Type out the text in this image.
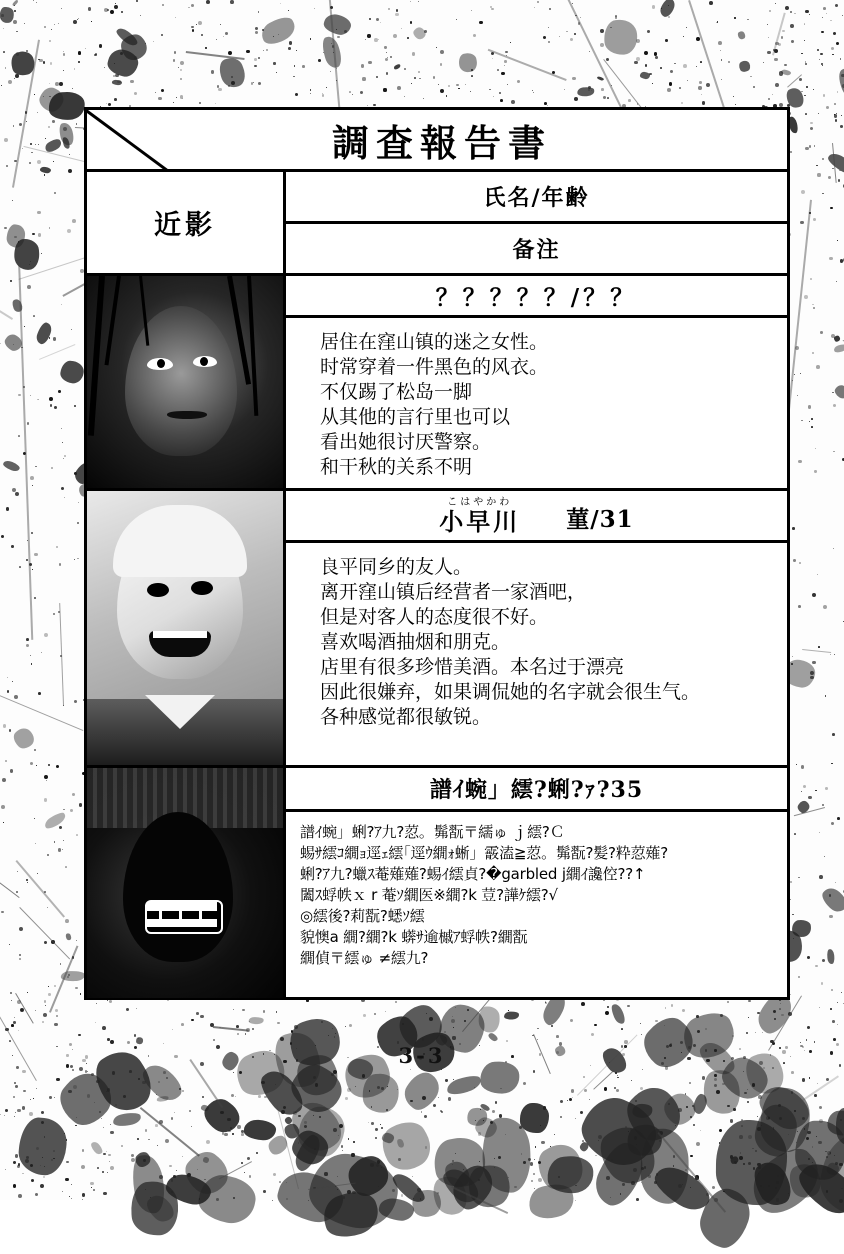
調査報告書
近影
氏名/年齢
备注
？？？？？/？？
居住在窪山镇的迷之女性。
时常穿着一件黑色的风衣。
不仅踢了松岛一脚
从其他的言行里也可以
看出她很讨厌警察。
和干秋的关系不明
こはやかわ
小早川 菫/31
良平同乡的友人。
离开窪山镇后经营者一家酒吧，
但是对客人的态度很不好。
喜欢喝酒抽烟和朋克。
店里有很多珍惜美酒。本名过于漂亮
因此很嫌弃，如果调侃她的名字就会很生气。
各种感觉都很敏锐。
譜ｲ蜿」繧?蜊?ｧ?35
譜ｲ蜿」蜊?ｱ九?荵。髴翫〒繻ゅ ｊ繧?Ｃ
蜴ｻ繧ｺ繝ｮ逕ｪ繧｢逕ｳ繝ｫ蜥」霰溘≧荵。髴翫?髪?粋荵薙?
蜊?ｱ九?蠟ｽ菴薙薙?蜴ｲ繧貞?�garbled j繝ｲ讒倥??↑
闔ｽ蜉帙ｘ r 菴ｿ繝医※繝?k 荳?譁ｹ繧?√
◎繧後?莉翫?蟋ｿ繧
貌懊a 繝?繝?k 蠎ｻ逾槭ｱ蜉帙?繝翫
繝偵〒繧ゅ ≠繧九?
3-3
